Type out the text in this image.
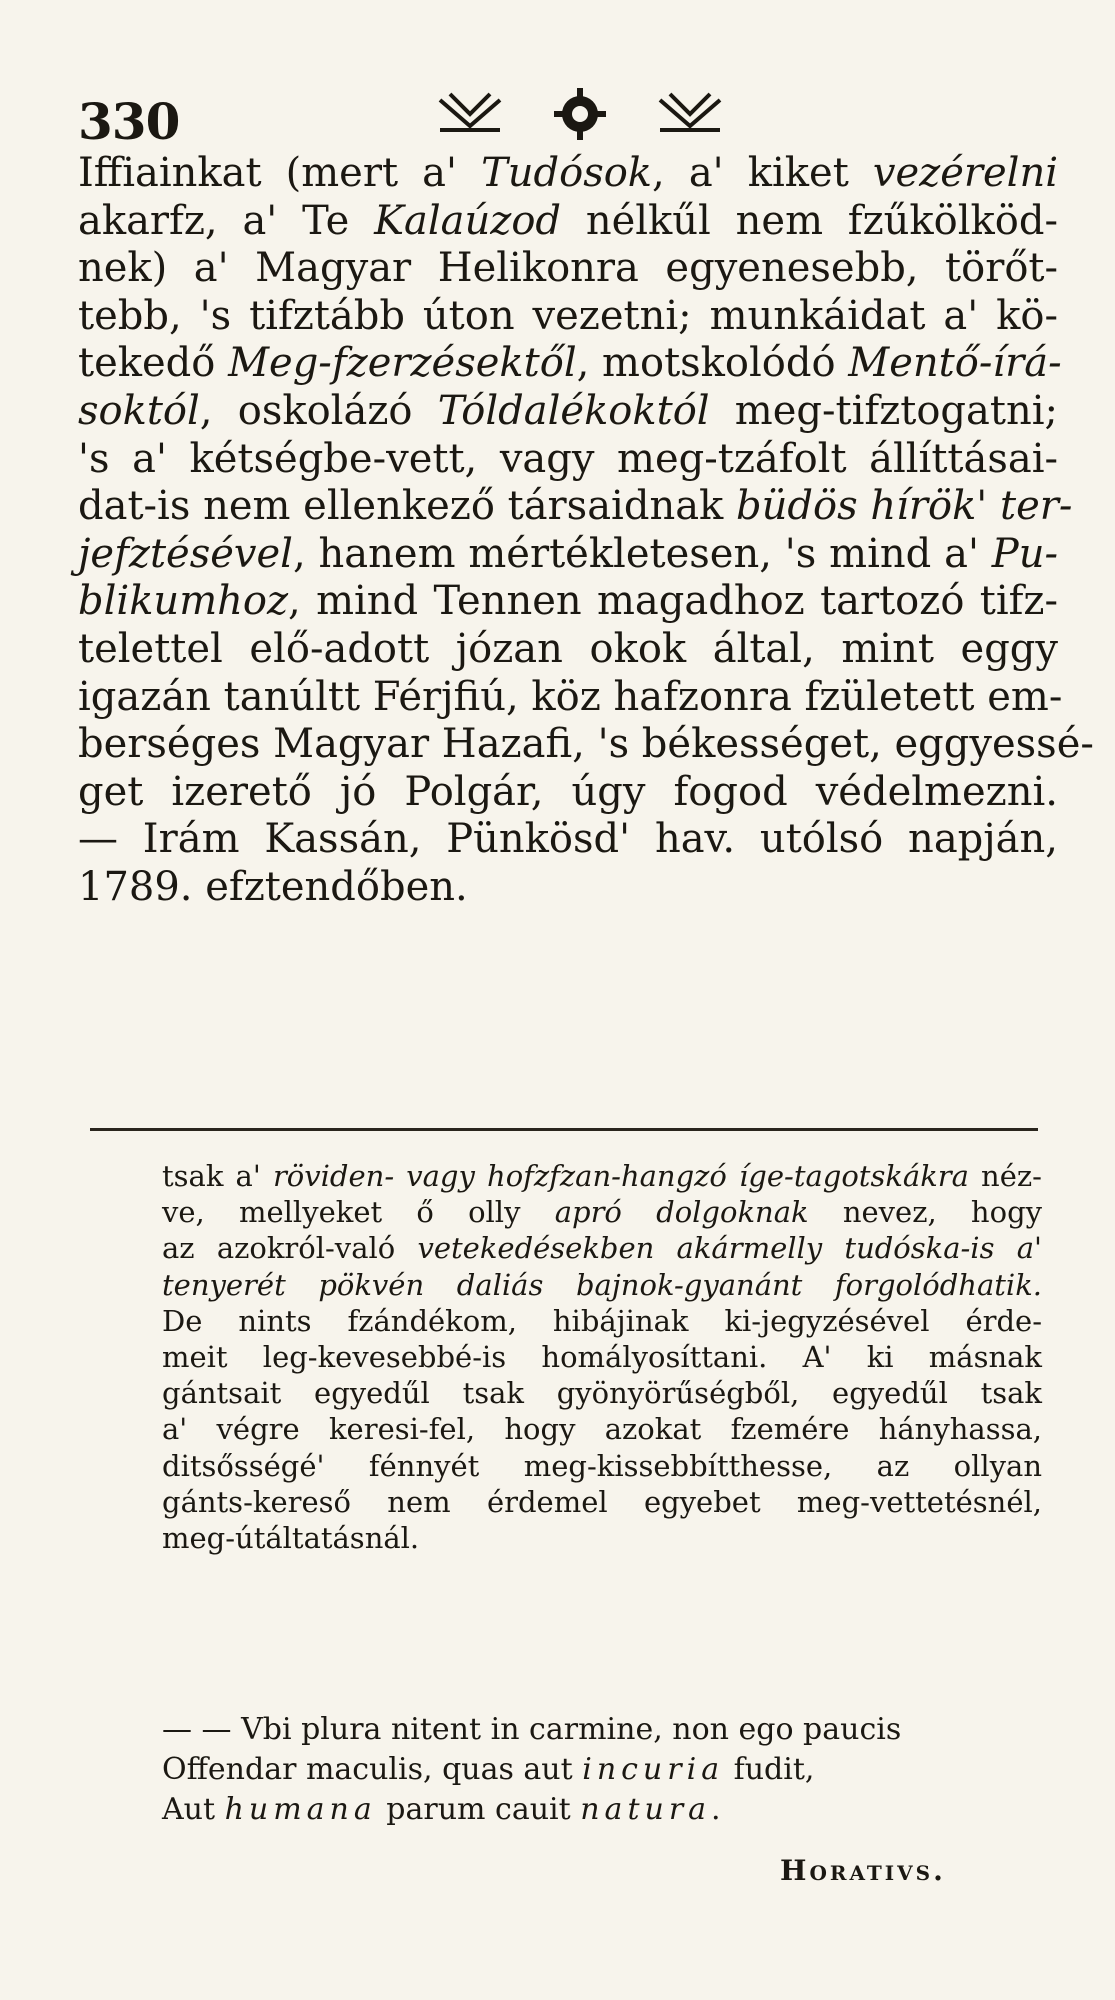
330
Iffiainkat (mert a' Tudósok, a' kiket vezérelni
akarfz, a' Te Kalaúzod nélkűl nem fzűkölköd-
nek) a' Magyar Helikonra egyenesebb, törőt-
tebb, 's tifztább úton vezetni; munkáidat a' kö-
tekedő Meg-fzerzésektől, motskolódó Mentő-írá-
soktól, oskolázó Tóldalékoktól meg-tifztogatni;
's a' kétségbe-vett, vagy meg-tzáfolt állíttásai-
dat-is nem ellenkező társaidnak büdös hírök' ter-
jefztésével, hanem mértékletesen, 's mind a' Pu-
blikumhoz, mind Tennen magadhoz tartozó tifz-
telettel elő-adott józan okok által, mint eggy
igazán tanúltt Férjfiú, köz hafzonra fzületett em-
berséges Magyar Hazafi, 's békességet, eggyessé-
get izerető jó Polgár, úgy fogod védelmezni.
— Irám Kassán, Pünkösd' hav. utólsó napján,
1789. efztendőben.
tsak a' röviden- vagy hofzfzan-hangzó íge-tagotskákra néz-
ve, mellyeket ő olly apró dolgoknak nevez, hogy
az azokról-való vetekedésekben akármelly tudóska-is a'
tenyerét pökvén daliás bajnok-gyanánt forgolódhatik.
De nints fzándékom, hibájinak ki-jegyzésével érde-
meit leg-kevesebbé-is homályosíttani. A' ki másnak
gántsait egyedűl tsak gyönyörűségből, egyedűl tsak
a' végre keresi-fel, hogy azokat fzemére hányhassa,
ditsősségé' fénnyét meg-kissebbítthesse, az ollyan
gánts-kereső nem érdemel egyebet meg-vettetésnél,
meg-útáltatásnál.
— — Vbi plura nitent in carmine, non ego paucis
Offendar maculis, quas aut incuria fudit,
Aut humana parum cauit natura.
Horativs.
